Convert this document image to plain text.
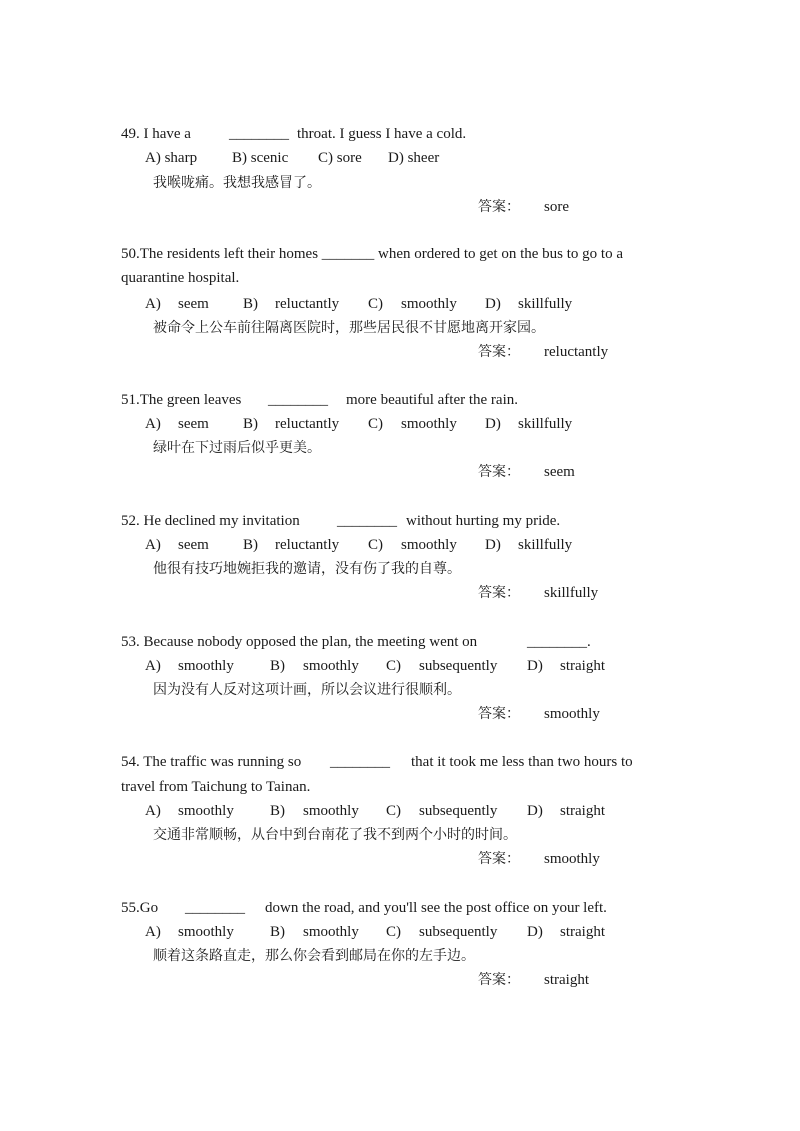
49. I have a	________ throat. I guess I have a cold.
A) sharp B) scenic C) sore D) sheer
我喉咙痛。我想我感冒了。
答案： sore
50.The residents left their homes _______ when ordered to get on the bus to go to a quarantine hospital.
A) seem B) reluctantly C) smoothly D) skillfully
被命令上公车前往隔离医院时，那些居民很不甘愿地离开家园。
答案： reluctantly
51.The green leaves ________ more beautiful after the rain.
A) seem B) reluctantly C) smoothly D) skillfully
绿叶在下过雨后似乎更美。
答案： seem
52. He declined my invitation ________ without hurting my pride.
A) seem B) reluctantly C) smoothly D) skillfully
他很有技巧地婉拒我的邀请，没有伤了我的自尊。
答案： skillfully
53. Because nobody opposed the plan, the meeting went on	________.
A) smoothly B) smoothly C) subsequently D) straight
因为没有人反对这项计画，所以会议进行很顺利。
答案： smoothly
54. The traffic was running so ________ that it took me less than two hours to
travel from Taichung to Tainan.
A) smoothly B) smoothly C) subsequently D) straight
交通非常顺畅，从台中到台南花了我不到两个小时的时间。
答案： smoothly
55.Go ________ down the road, and you'll see the post office on your left.
A) smoothly B) smoothly C) subsequently D) straight
顺着这条路直走，那么你会看到邮局在你的左手边。
答案： straight
